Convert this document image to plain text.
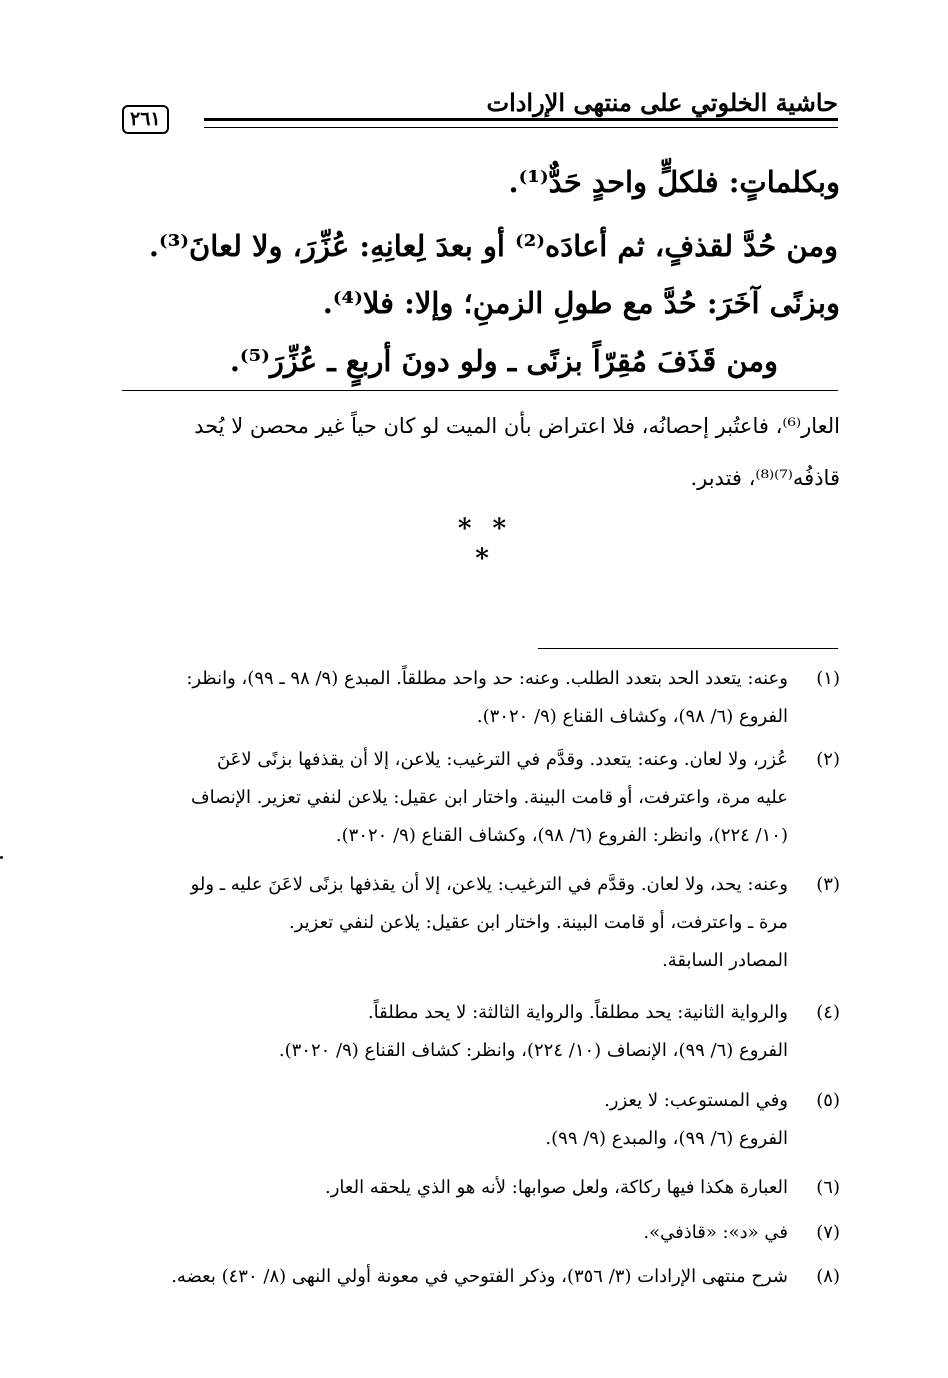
حاشية الخلوتي على منتهى الإرادات
٢٦١
وبكلماتٍ: فلكلٍّ واحدٍ حَدٌّ⁽¹⁾.
ومن حُدَّ لقذفٍ، ثم أعادَه⁽²⁾ أو بعدَ لِعانِهِ: عُزِّرَ، ولا لعانَ⁽³⁾.
وبزنًى آخَرَ: حُدَّ مع طولِ الزمنِ؛ وإلا: فلا⁽⁴⁾.
ومن قَذَفَ مُقِرّاً بزنًى ـ ولو دونَ أربعٍ ـ عُزِّرَ⁽⁵⁾.
العار⁽⁶⁾، فاعتُبر إحصانُه، فلا اعتراض بأن الميت لو كان حياً غير محصن لا يُحد
قاذفُه⁽⁷⁾⁽⁸⁾، فتدبر.
* * *
(١)
وعنه: يتعدد الحد بتعدد الطلب. وعنه: حد واحد مطلقاً. المبدع (٩/ ٩٨ ـ ٩٩)، وانظر:
الفروع (٦/ ٩٨)، وكشاف القناع (٩/ ٣٠٢٠).
(٢)
عُزر، ولا لعان. وعنه: يتعدد. وقدَّم في الترغيب: يلاعن، إلا أن يقذفها بزنًى لاعَنَ
عليه مرة، واعترفت، أو قامت البينة. واختار ابن عقيل: يلاعن لنفي تعزير. الإنصاف
(١٠/ ٢٢٤)، وانظر: الفروع (٦/ ٩٨)، وكشاف القناع (٩/ ٣٠٢٠).
(٣)
وعنه: يحد، ولا لعان. وقدَّم في الترغيب: يلاعن، إلا أن يقذفها بزنًى لاعَنَ عليه ـ ولو
مرة ـ واعترفت، أو قامت البينة. واختار ابن عقيل: يلاعن لنفي تعزير.
المصادر السابقة.
(٤)
والرواية الثانية: يحد مطلقاً. والرواية الثالثة: لا يحد مطلقاً.
الفروع (٦/ ٩٩)، الإنصاف (١٠/ ٢٢٤)، وانظر: كشاف القناع (٩/ ٣٠٢٠).
(٥)
وفي المستوعب: لا يعزر.
الفروع (٦/ ٩٩)، والمبدع (٩/ ٩٩).
(٦)
العبارة هكذا فيها ركاكة، ولعل صوابها: لأنه هو الذي يلحقه العار.
(٧)
في «د»: «قاذفي».
(٨)
شرح منتهى الإرادات (٣/ ٣٥٦)، وذكر الفتوحي في معونة أولي النهى (٨/ ٤٣٠) بعضه.
